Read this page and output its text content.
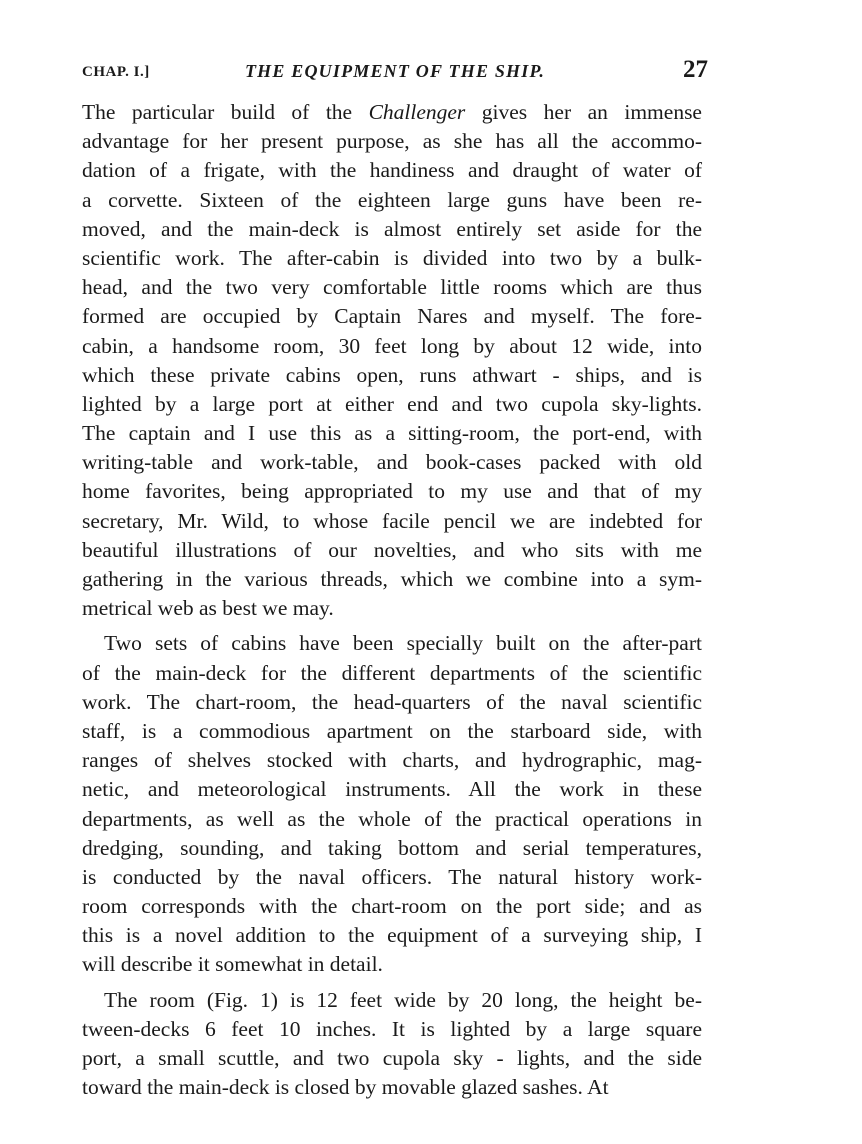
CHAP. I.]	THE EQUIPMENT OF THE SHIP.	27
The particular build of the Challenger gives her an immense
advantage for her present purpose, as she has all the accommo-
dation of a frigate, with the handiness and draught of water of
a corvette. Sixteen of the eighteen large guns have been re-
moved, and the main-deck is almost entirely set aside for the
scientific work. The after-cabin is divided into two by a bulk-
head, and the two very comfortable little rooms which are thus
formed are occupied by Captain Nares and myself. The fore-
cabin, a handsome room, 30 feet long by about 12 wide, into
which these private cabins open, runs athwart - ships, and is
lighted by a large port at either end and two cupola sky-lights.
The captain and I use this as a sitting-room, the port-end, with
writing-table and work-table, and book-cases packed with old
home favorites, being appropriated to my use and that of my
secretary, Mr. Wild, to whose facile pencil we are indebted for
beautiful illustrations of our novelties, and who sits with me
gathering in the various threads, which we combine into a sym-
metrical web as best we may.
Two sets of cabins have been specially built on the after-part
of the main-deck for the different departments of the scientific
work. The chart-room, the head-quarters of the naval scientific
staff, is a commodious apartment on the starboard side, with
ranges of shelves stocked with charts, and hydrographic, mag-
netic, and meteorological instruments. All the work in these
departments, as well as the whole of the practical operations in
dredging, sounding, and taking bottom and serial temperatures,
is conducted by the naval officers. The natural history work-
room corresponds with the chart-room on the port side; and as
this is a novel addition to the equipment of a surveying ship, I
will describe it somewhat in detail.
The room (Fig. 1) is 12 feet wide by 20 long, the height be-
tween-decks 6 feet 10 inches. It is lighted by a large square
port, a small scuttle, and two cupola sky - lights, and the side
toward the main-deck is closed by movable glazed sashes. At
